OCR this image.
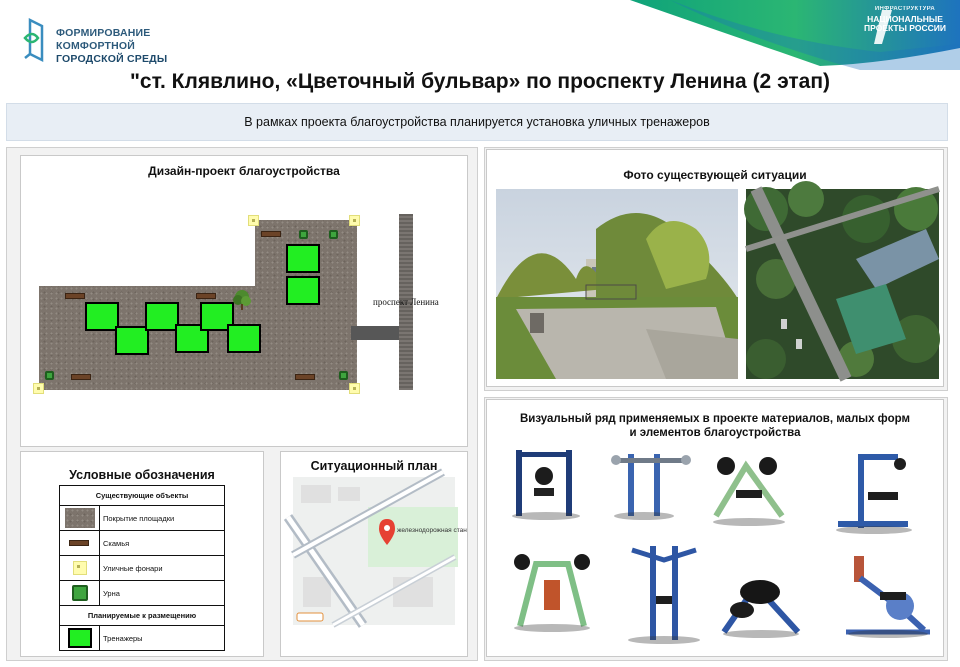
ФОРМИРОВАНИЕ
КОМФОРТНОЙ
ГОРОДСКОЙ СРЕДЫ
ИНФРАСТРУКТУРА
НАЦИОНАЛЬНЫЕ ПРОЕКТЫ РОССИИ
"ст. Клявлино, «Цветочный бульвар» по проспекту Ленина (2 этап)
В рамках проекта благоустройства планируется установка уличных тренажеров
Дизайн-проект благоустройства
проспект Ленина
Условные обозначения
Существующие объекты	

	Покрытие площадки

	Скамья

	Уличные фонари

	Урна
Планируемые к размещению	

	Тренажеры
Ситуационный план
железнодорожная стан
Фото существующей ситуации
Визуальный ряд применяемых в проекте материалов, малых форм и элементов благоустройства
